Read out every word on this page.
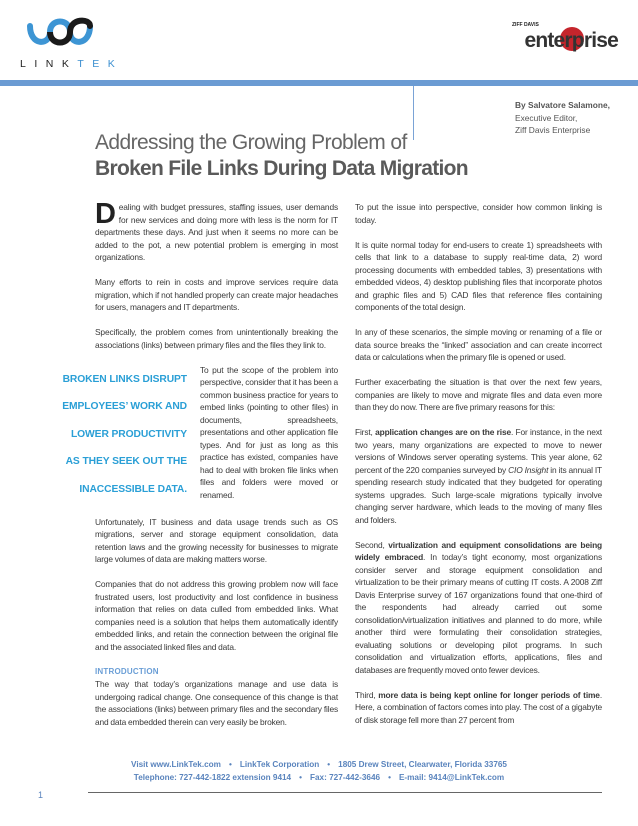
LINKTEK
ZIFF DAVIS
enterprise
By Salvatore Salamone,
Executive Editor,
Ziff Davis Enterprise
Addressing the Growing Problem of
Broken File Links During Data Migration

Dealing with budget pressures, staffing issues, user demands for new services and doing more with less is the norm for IT departments these days. And just when it seems no more can be added to the pot, a new potential problem is emerging in most organizations.

Many efforts to rein in costs and improve services require data migration, which if not handled properly can create major headaches for users, managers and IT departments.

Specifically, the problem comes from unintentionally breaking the associations (links) between primary files and the files they link to.

BROKEN LINKS DISRUPT
EMPLOYEES’ WORK AND
LOWER PRODUCTIVITY
AS THEY SEEK OUT THE
INACCESSIBLE DATA.
To put the scope of the problem into perspective, consider that it has been a common business practice for years to embed links (pointing to other files) in documents, spreadsheets, presentations and other application file types. And for just as long as this practice has existed, companies have had to deal with broken file links when files and folders were moved or renamed.

Unfortunately, IT business and data usage trends such as OS migrations, server and storage equipment consolidation, data retention laws and the growing necessity for businesses to migrate large volumes of data are making matters worse.

Companies that do not address this growing problem now will face frustrated users, lost productivity and lost confidence in business information that relies on data culled from embedded links. What companies need is a solution that helps them automatically identify embedded links, and retain the connection between the original file and the associated linked files and data.

INTRODUCTION

The way that today’s organizations manage and use data is undergoing radical change. One consequence of this change is that the associations (links) between primary files and the secondary files and data embedded therein can very easily be broken.

To put the issue into perspective, consider how common linking is today.

It is quite normal today for end-users to create 1) spreadsheets with cells that link to a database to supply real-time data, 2) word processing documents with embedded tables, 3) presentations with embedded videos, 4) desktop publishing files that incorporate photos and graphic files and 5) CAD files that reference files containing components of the total design.

In any of these scenarios, the simple moving or renaming of a file or data source breaks the “linked” association and can create incorrect data or calculations when the primary file is opened or used.

Further exacerbating the situation is that over the next few years, companies are likely to move and migrate files and data even more than they do now. There are five primary reasons for this:

First, application changes are on the rise. For instance, in the next two years, many organizations are expected to move to newer versions of Windows server operating systems. This year alone, 62 percent of the 220 companies surveyed by CIO Insight in its annual IT spending research study indicated that they budgeted for operating systems upgrades. Such large-scale migrations typically involve changing server hardware, which leads to the moving of many files and folders.

Second, virtualization and equipment consolidations are being widely embraced. In today’s tight economy, most organizations consider server and storage equipment consolidation and virtualization to be their primary means of cutting IT costs. A 2008 Ziff Davis Enterprise survey of 167 organizations found that one-third of the respondents had already carried out some consolidation/virtualization initiatives and planned to do more, while another third were formulating their consolidation strategies, evaluating solutions or developing pilot programs. In such consolidation and virtualization efforts, applications, files and databases are frequently moved onto fewer devices.

Third, more data is being kept online for longer periods of time. Here, a combination of factors comes into play. The cost of a gigabyte of disk storage fell more than 27 percent from

Visit www.LinkTek.com • LinkTek Corporation • 1805 Drew Street, Clearwater, Florida 33765
Telephone: 727-442-1822 extension 9414 • Fax: 727-442-3646 • E-mail: 9414@LinkTek.com
1
